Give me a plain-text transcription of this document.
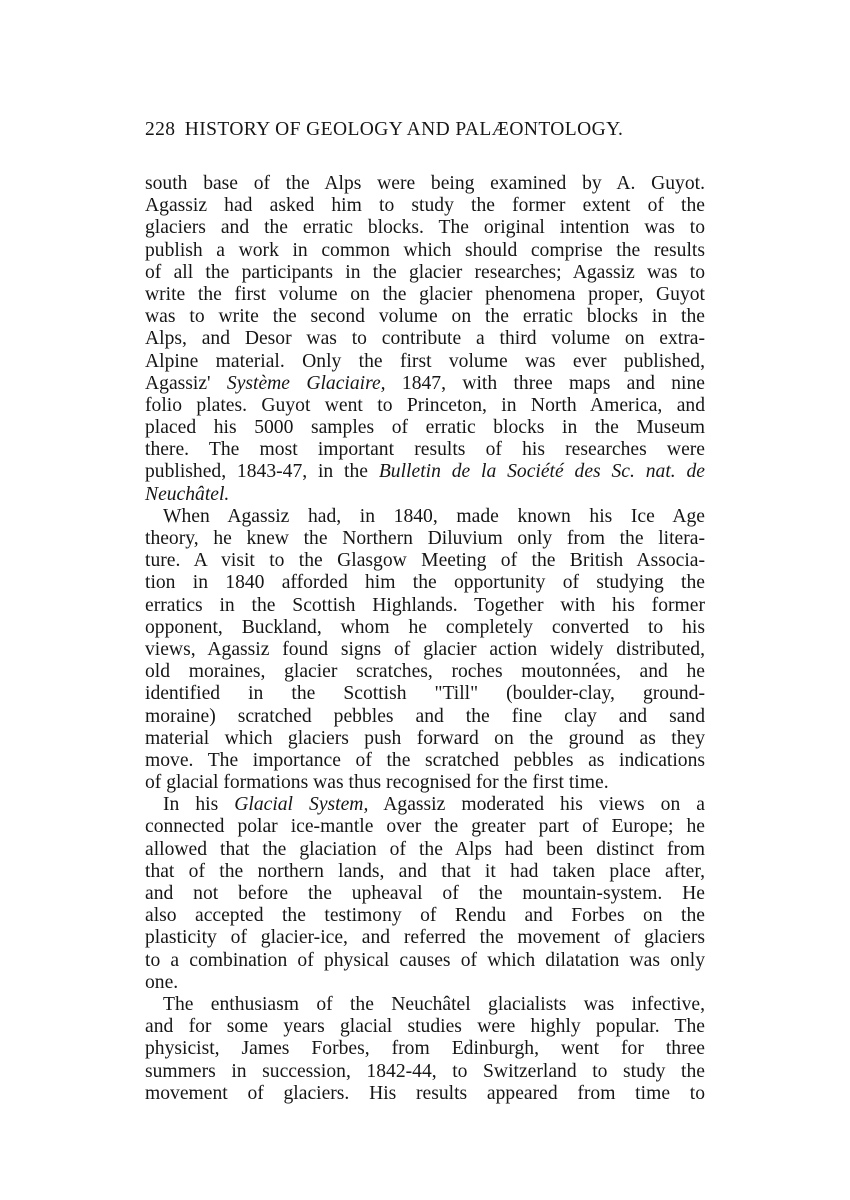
228 HISTORY OF GEOLOGY AND PALÆONTOLOGY.
south base of the Alps were being examined by A. Guyot.
Agassiz had asked him to study the former extent of the
glaciers and the erratic blocks. The original intention was to
publish a work in common which should comprise the results
of all the participants in the glacier researches; Agassiz was to
write the first volume on the glacier phenomena proper, Guyot
was to write the second volume on the erratic blocks in the
Alps, and Desor was to contribute a third volume on extra-
Alpine material. Only the first volume was ever published,
Agassiz' Système Glaciaire, 1847, with three maps and nine
folio plates. Guyot went to Princeton, in North America, and
placed his 5000 samples of erratic blocks in the Museum
there. The most important results of his researches were
published, 1843-47, in the Bulletin de la Société des Sc. nat. de
Neuchâtel.
When Agassiz had, in 1840, made known his Ice Age
theory, he knew the Northern Diluvium only from the litera-
ture. A visit to the Glasgow Meeting of the British Associa-
tion in 1840 afforded him the opportunity of studying the
erratics in the Scottish Highlands. Together with his former
opponent, Buckland, whom he completely converted to his
views, Agassiz found signs of glacier action widely distributed,
old moraines, glacier scratches, roches moutonnées, and he
identified in the Scottish "Till" (boulder-clay, ground-
moraine) scratched pebbles and the fine clay and sand
material which glaciers push forward on the ground as they
move. The importance of the scratched pebbles as indications
of glacial formations was thus recognised for the first time.
In his Glacial System, Agassiz moderated his views on a
connected polar ice-mantle over the greater part of Europe; he
allowed that the glaciation of the Alps had been distinct from
that of the northern lands, and that it had taken place after,
and not before the upheaval of the mountain-system. He
also accepted the testimony of Rendu and Forbes on the
plasticity of glacier-ice, and referred the movement of glaciers
to a combination of physical causes of which dilatation was only
one.
The enthusiasm of the Neuchâtel glacialists was infective,
and for some years glacial studies were highly popular. The
physicist, James Forbes, from Edinburgh, went for three
summers in succession, 1842-44, to Switzerland to study the
movement of glaciers. His results appeared from time to
